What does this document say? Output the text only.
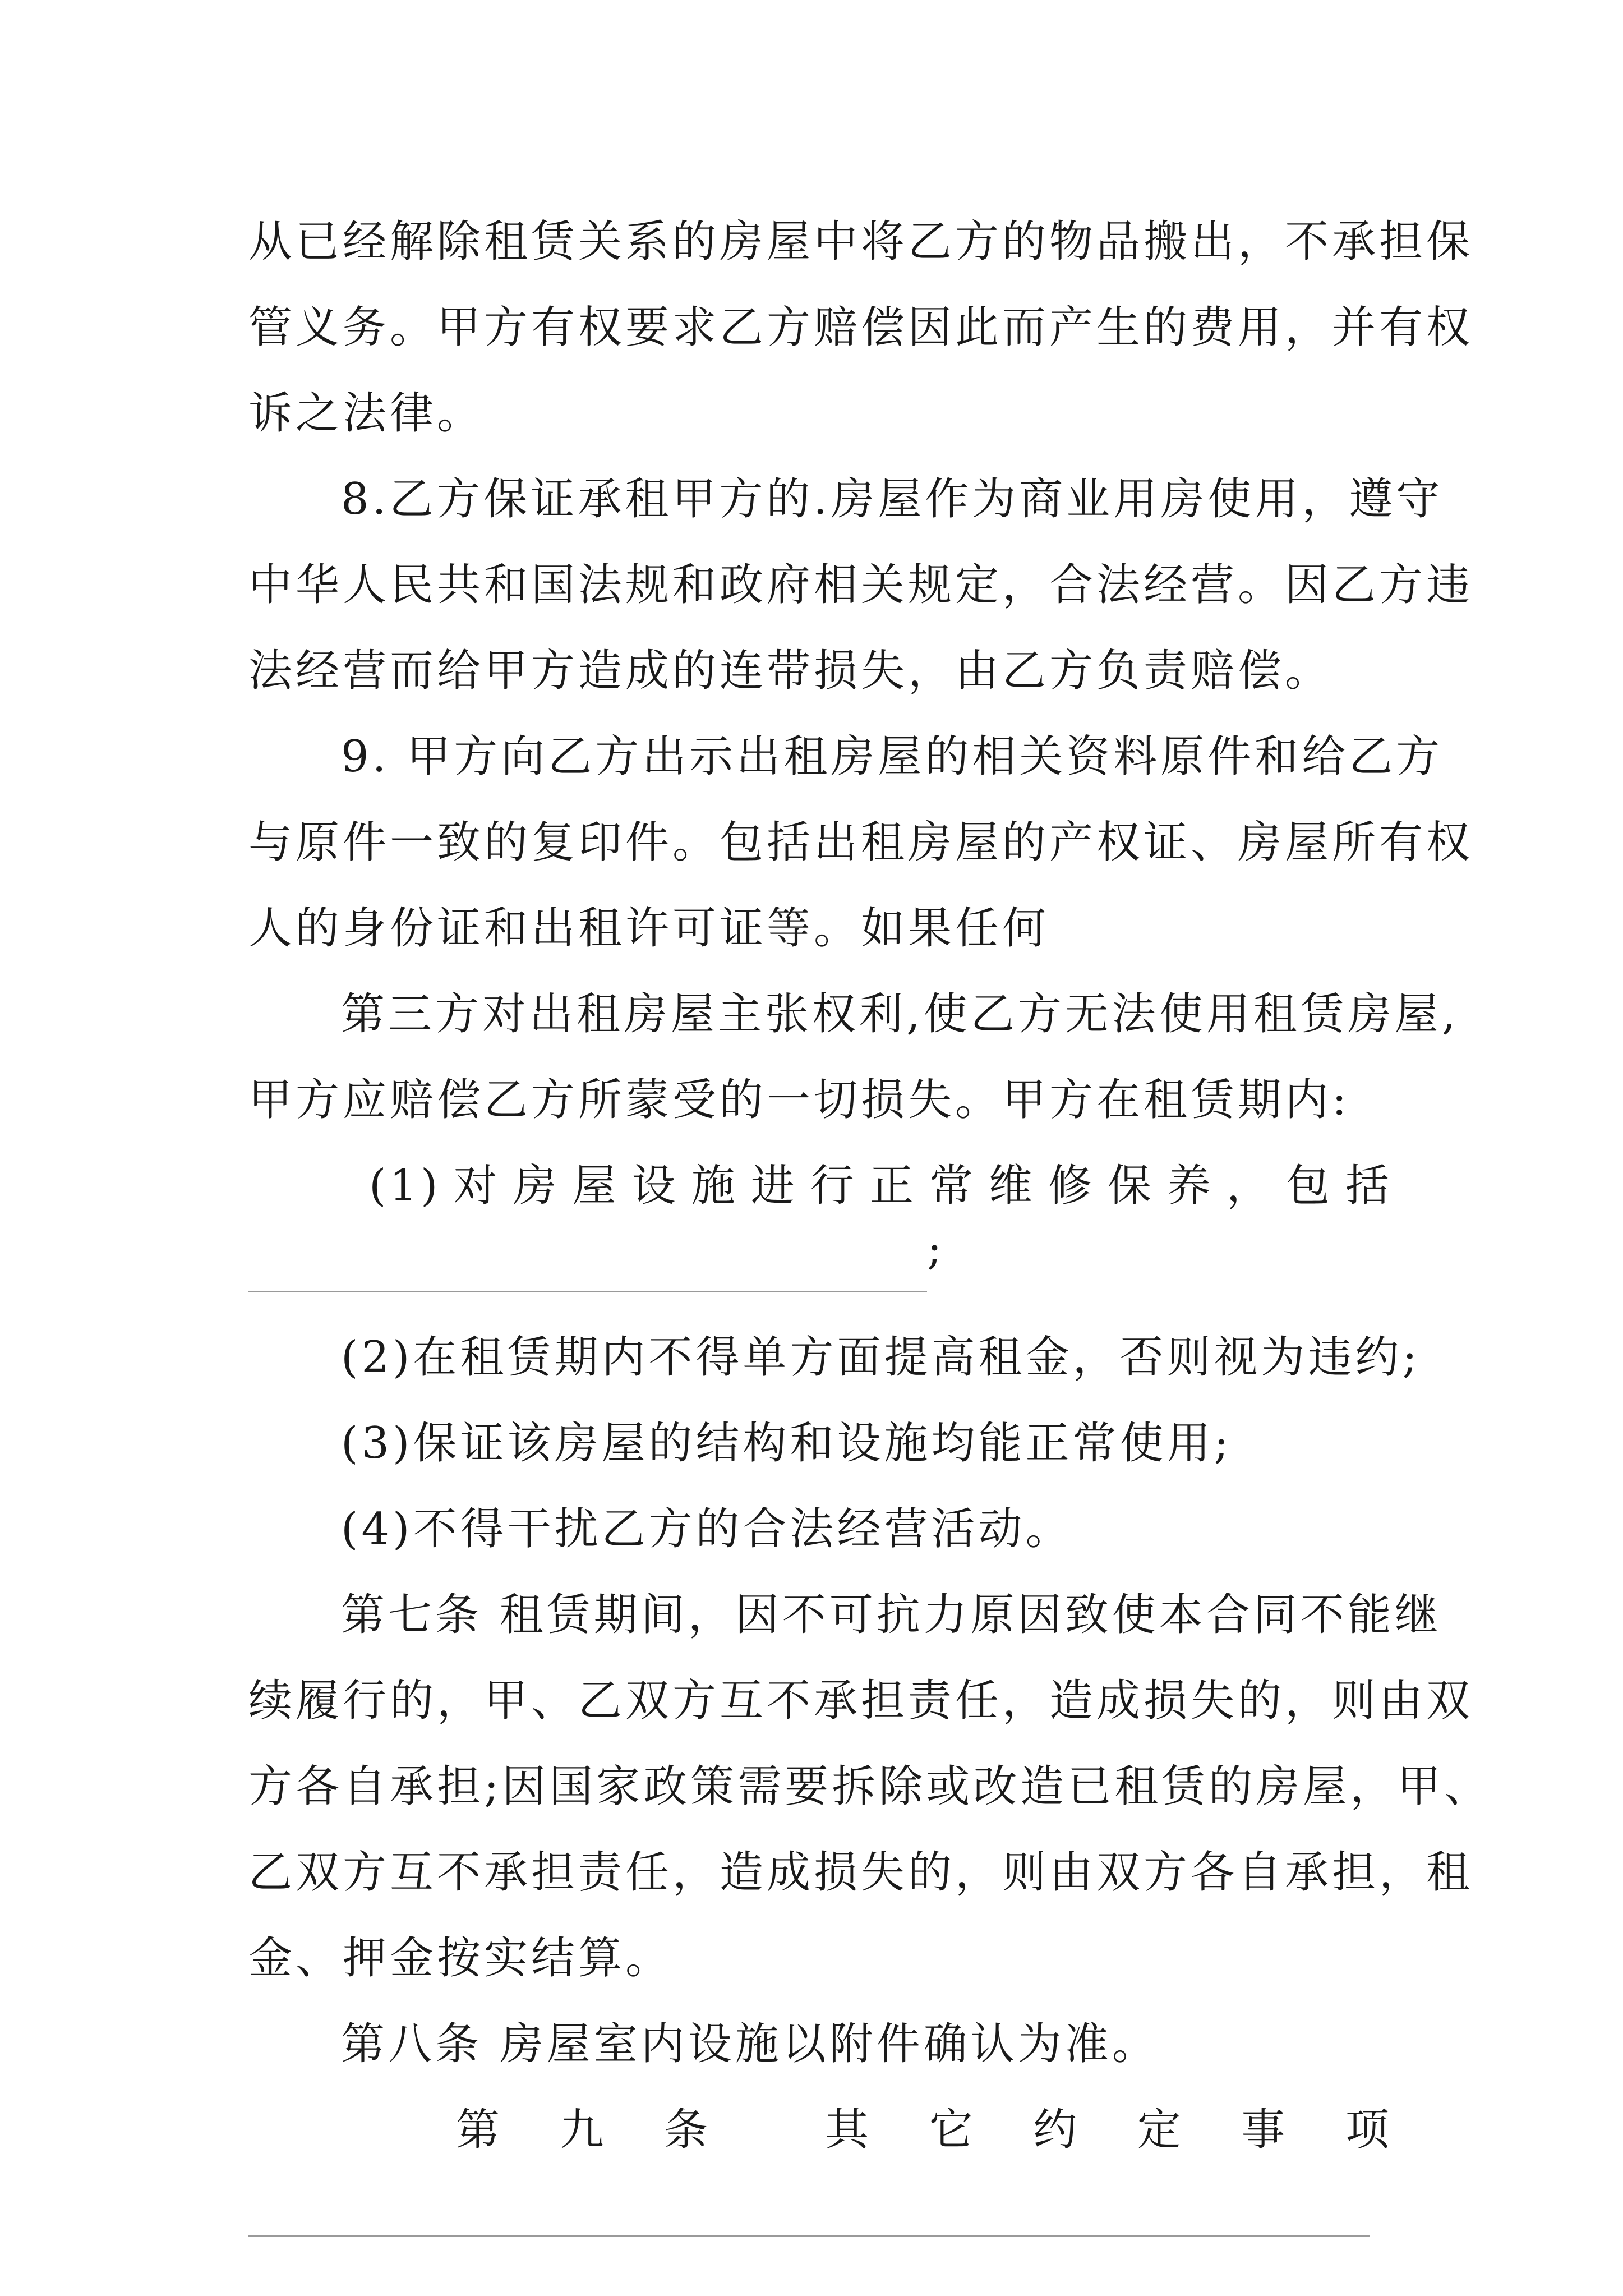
从已经解除租赁关系的房屋中将乙方的物品搬出，不承担保
管义务。甲方有权要求乙方赔偿因此而产生的费用，并有权
诉之法律。
8.乙方保证承租甲方的.房屋作为商业用房使用，遵守
中华人民共和国法规和政府相关规定，合法经营。因乙方违
法经营而给甲方造成的连带损失，由乙方负责赔偿。
9. 甲方向乙方出示出租房屋的相关资料原件和给乙方
与原件一致的复印件。包括出租房屋的产权证、房屋所有权
人的身份证和出租许可证等。如果任何
第三方对出租房屋主张权利,使乙方无法使用租赁房屋,
甲方应赔偿乙方所蒙受的一切损失。甲方在租赁期内:
(1) 对 房 屋 设 施 进 行 正 常 维 修 保 养 ， 包 括
;
(2)在租赁期内不得单方面提高租金，否则视为违约;
(3)保证该房屋的结构和设施均能正常使用;
(4)不得干扰乙方的合法经营活动。
第七条 租赁期间，因不可抗力原因致使本合同不能继
续履行的，甲、乙双方互不承担责任，造成损失的，则由双
方各自承担;因国家政策需要拆除或改造已租赁的房屋，甲、
乙双方互不承担责任，造成损失的，则由双方各自承担，租
金、押金按实结算。
第八条 房屋室内设施以附件确认为准。
第 九 条	其 它 约 定 事 项
